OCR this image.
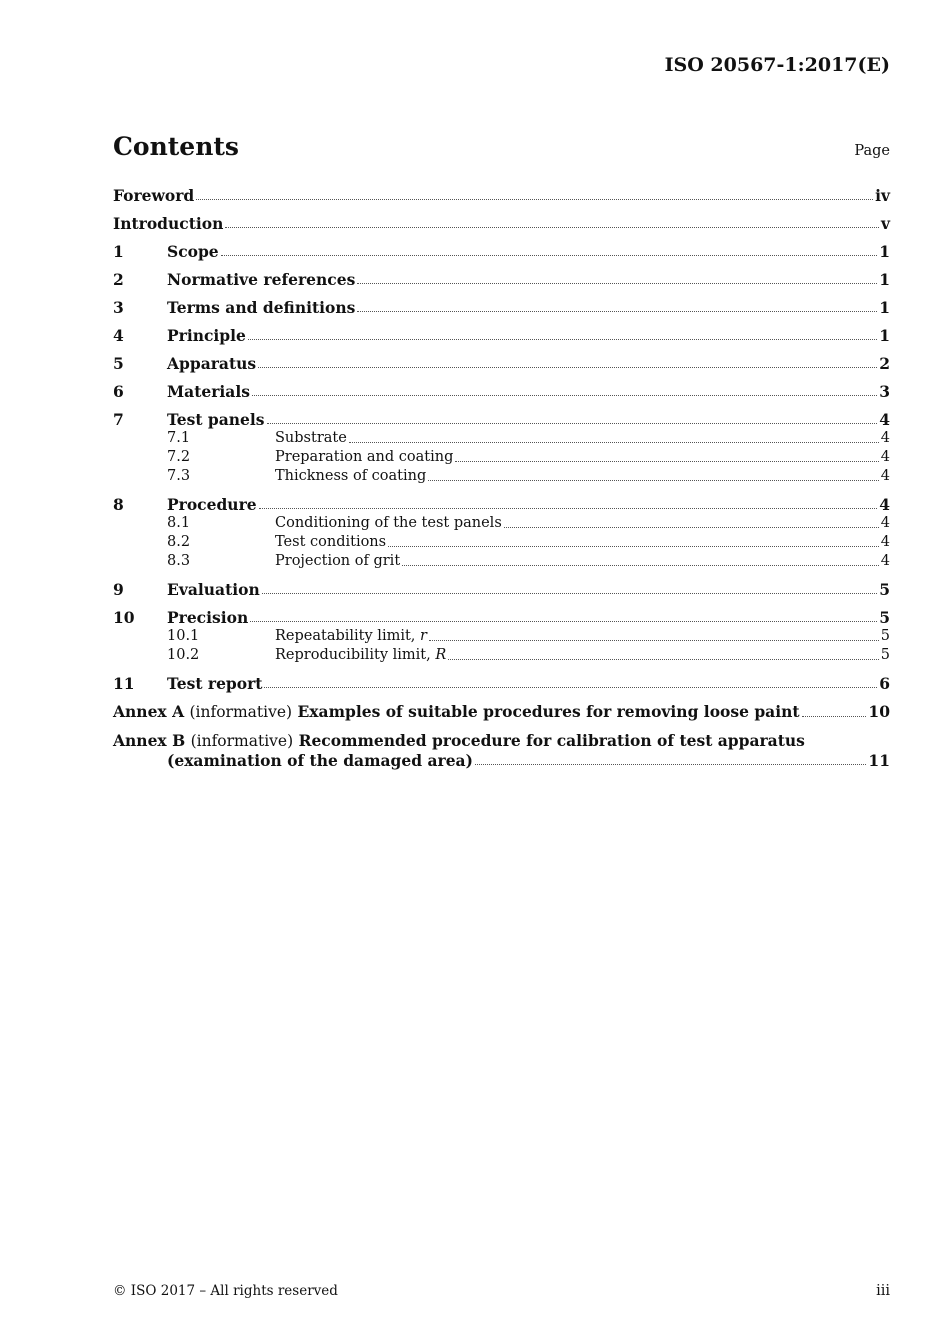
ISO 20567-1:2017(E)
Contents	Page
Foreword	iv
Introduction	v
1	Scope	1
2	Normative references	1
3	Terms and definitions	1
4	Principle	1
5	Apparatus	2
6	Materials	3
7	Test panels	4
7.1	Substrate	4
7.2	Preparation and coating	4
7.3	Thickness of coating	4
8	Procedure	4
8.1	Conditioning of the test panels	4
8.2	Test conditions	4
8.3	Projection of grit	4
9	Evaluation	5
10	Precision	5
10.1	Repeatability limit, r	5
10.2	Reproducibility limit, R	5
11	Test report	6
Annex A (informative) Examples of suitable procedures for removing loose paint	10
Annex B (informative) Recommended procedure for calibration of test apparatus
(examination of the damaged area)	11
© ISO 2017 – All rights reserved	iii
